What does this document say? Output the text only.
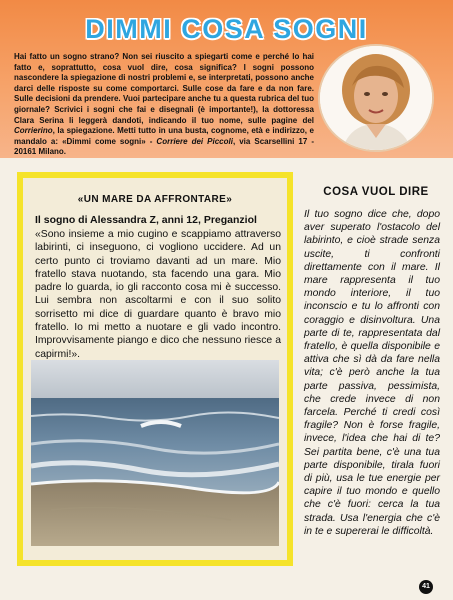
DIMMI COSA SOGNI
Hai fatto un sogno strano? Non sei riuscito a spiegarti come e perché lo hai fatto e, soprattutto, cosa vuol dire, cosa significa? I sogni possono nascondere la spiegazione di nostri problemi e, se interpretati, possono anche darci delle risposte su come comportarci. Sulle cose da fare e da non fare. Sulle decisioni da prendere. Vuoi partecipare anche tu a questa rubrica del tuo giornale? Scrivici i sogni che fai e disegnali (è importante!), la dottoressa Clara Serina li leggerà dandoti, indicando il tuo nome, sulle pagine del Corrierino, la spiegazione. Metti tutto in una busta, cognome, età e indirizzo, e mandalo a: «Dimmi come sogni» - Corriere dei Piccoli, via Scarsellini 17 - 20161 Milano.
«UN MARE DA AFFRONTARE»
Il sogno di Alessandra Z, anni 12, Preganziol
«Sono insieme a mio cugino e scappiamo attraverso labirinti, ci inseguono, ci vogliono uccidere. Ad un certo punto ci troviamo davanti ad un mare. Mio fratello stava nuotando, sta facendo una gara. Mio padre lo guarda, io gli racconto cosa mi è successo. Lui sembra non ascoltarmi e con il suo solito sorrisetto mi dice di guardare quanto è bravo mio fratello. Io mi metto a nuotare e gli vado incontro. Improvvisamente piango e dico che nessuno riesce a capirmi!».
COSA VUOL DIRE
Il tuo sogno dice che, dopo aver superato l'ostacolo del labirinto, e cioè strade senza uscite, ti confronti direttamente con il mare. Il mare rappresenta il tuo mondo interiore, il tuo inconscio e tu lo affronti con coraggio e disinvoltura. Una parte di te, rappresentata dal fratello, è quella disponibile e attiva che sì dà da fare nella vita; c'è però anche la tua parte passiva, pessimista, che crede invece di non farcela. Perché ti credi così fragile? Non è forse fragile, invece, l'idea che hai di te? Sei partita bene, c'è una tua parte disponibile, tirala fuori di più, usa le tue energie per capire il tuo mondo e quello che c'è fuori: cerca la tua strada. Usa l'energia che c'è in te e supererai le difficoltà.
41
